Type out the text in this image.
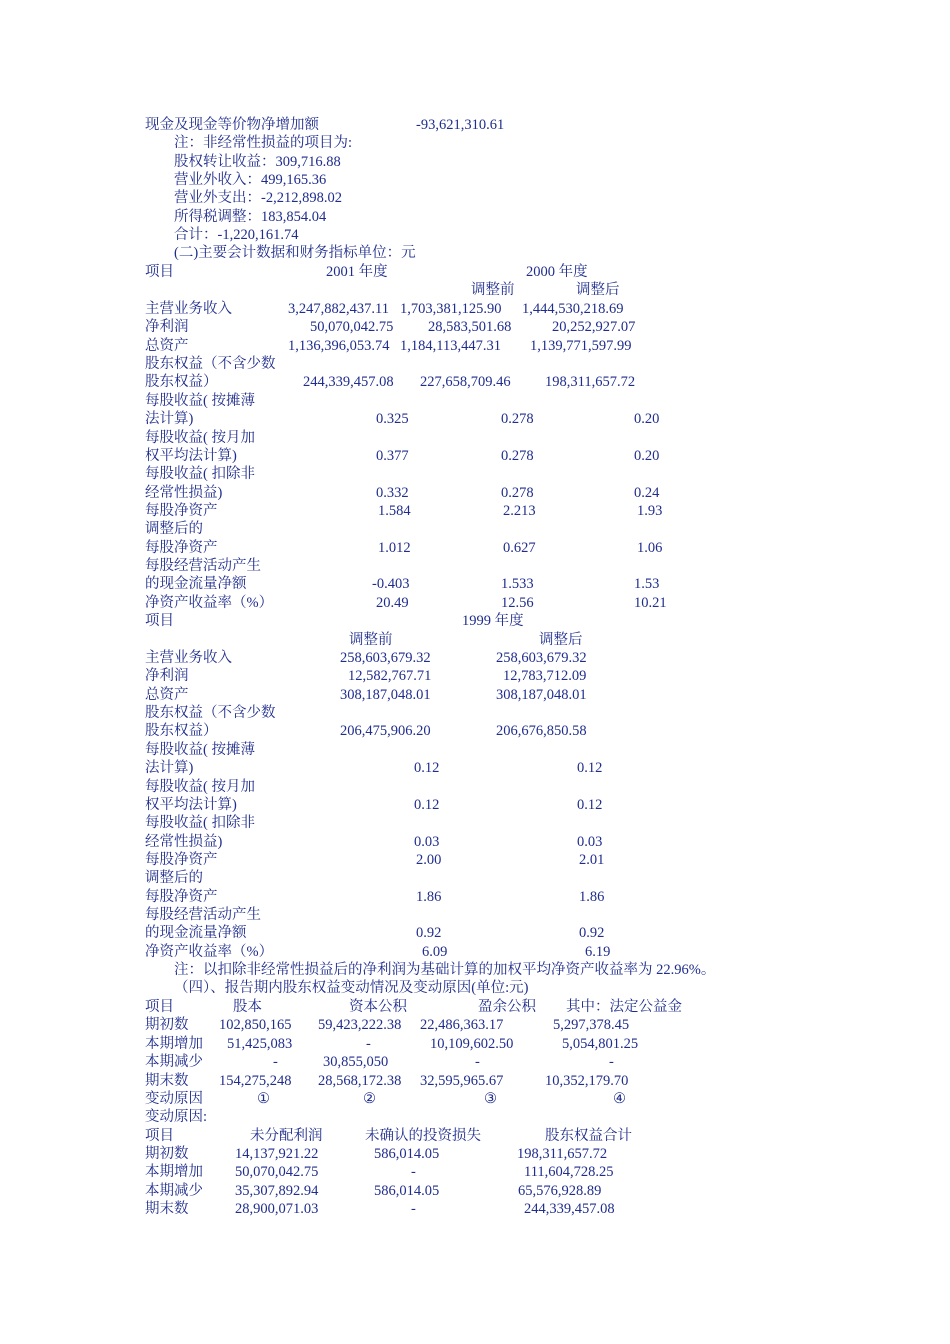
现金及现金等价物净增加额	-93,621,310.61
注：非经常性损益的项目为:
股权转让收益：309,716.88
营业外收入：499,165.36
营业外支出：-2,212,898.02
所得税调整：183,854.04
合计：-1,220,161.74
(二)主要会计数据和财务指标单位：元
项目	2001 年度	2000 年度
调整前	调整后
主营业务收入	3,247,882,437.11 1,703,381,125.90 1,444,530,218.69
净利润	50,070,042.75 28,583,501.68	20,252,927.07
总资产	1,136,396,053.74 1,184,113,447.31 1,139,771,597.99
股东权益（不含少数
股东权益）	244,339,457.08 227,658,709.46 198,311,657.72
每股收益( 按摊薄
法计算)	0.325	0.278	0.20
每股收益( 按月加
权平均法计算)	0.377	0.278	0.20
每股收益( 扣除非
经常性损益)	0.332	0.278	0.24
每股净资产	1.584	2.213	1.93
调整后的
每股净资产	1.012	0.627	1.06
每股经营活动产生
的现金流量净额	-0.403	1.533	1.53
净资产收益率（%）	20.49	12.56	10.21
项目	1999 年度
调整前	调整后
主营业务收入	258,603,679.32	258,603,679.32
净利润	12,582,767.71	12,783,712.09
总资产	308,187,048.01	308,187,048.01
股东权益（不含少数
股东权益）	206,475,906.20	206,676,850.58
每股收益( 按摊薄
法计算)	0.12	0.12
每股收益( 按月加
权平均法计算)	0.12	0.12
每股收益( 扣除非
经常性损益)	0.03	0.03
每股净资产	2.00	2.01
调整后的
每股净资产	1.86	1.86
每股经营活动产生
的现金流量净额	0.92	0.92
净资产收益率（%）	6.09	6.19
注：以扣除非经常性损益后的净利润为基础计算的加权平均净资产收益率为 22.96%。
（四）、报告期内股东权益变动情况及变动原因(单位:元)
项目	股本	资本公积	盈余公积 其中：法定公益金
期初数 102,850,165 59,423,222.38 22,486,363.17	5,297,378.45
本期增加 51,425,083	-	10,109,602.50	5,054,801.25
本期减少	-	30,855,050	-	-
期末数 154,275,248 28,568,172.38 32,595,965.67	10,352,179.70
变动原因	①	②	③	④
变动原因:
项目	未分配利润	未确认的投资损失	股东权益合计
期初数	14,137,921.22	586,014.05	198,311,657.72
本期增加 50,070,042.75	-	111,604,728.25
本期减少 35,307,892.94	586,014.05	65,576,928.89
期末数	28,900,071.03	-	244,339,457.08
